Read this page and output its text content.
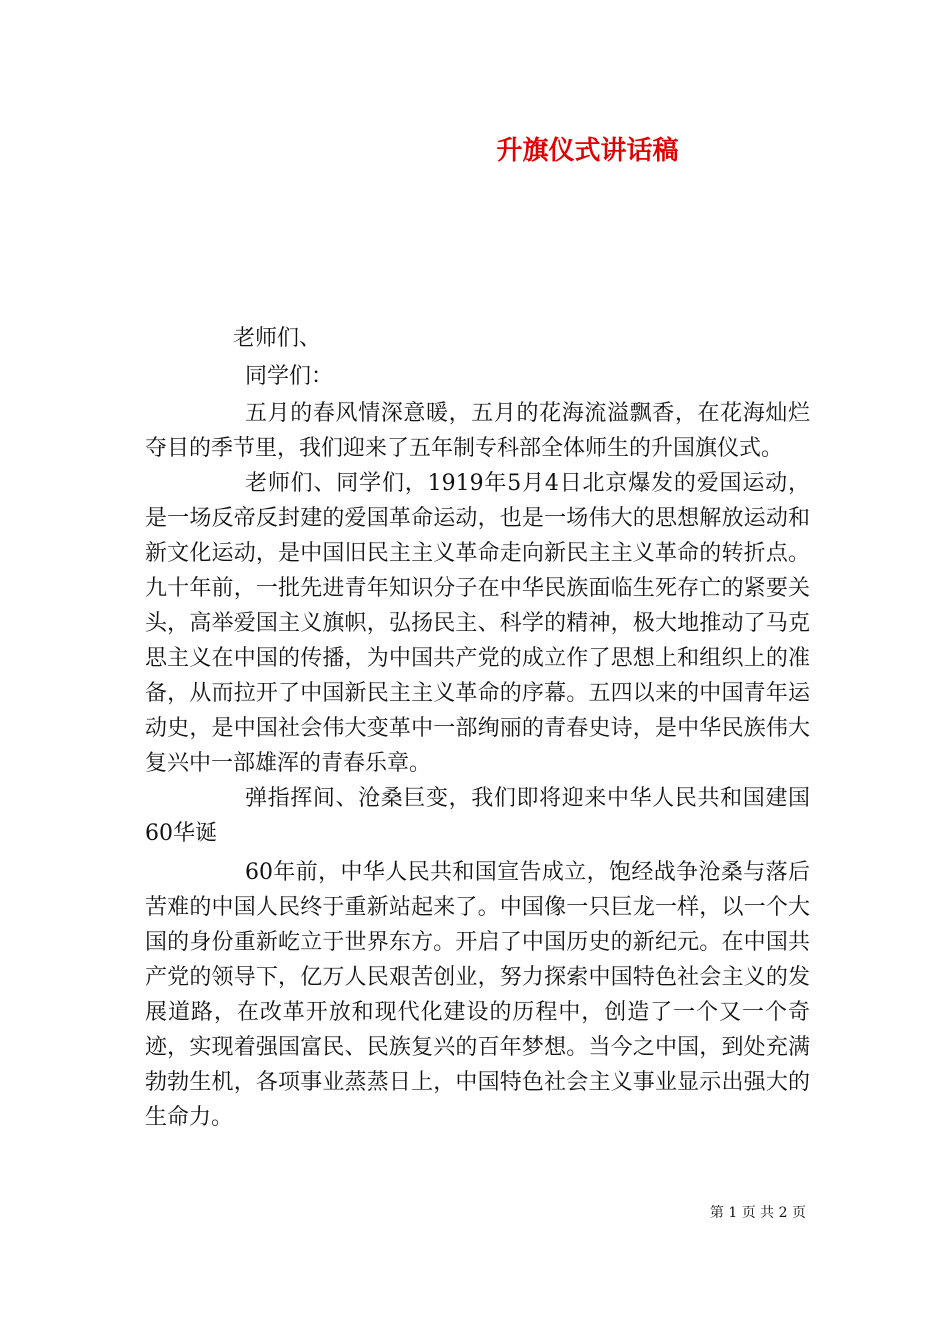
升旗仪式讲话稿

老师们、

同学们：

五月的春风情深意暖，五月的花海流溢飘香，在花海灿烂夺目的季节里，我们迎来了五年制专科部全体师生的升国旗仪式。

老师们、同学们，1919年5月4日北京爆发的爱国运动，是一场反帝反封建的爱国革命运动，也是一场伟大的思想解放运动和新文化运动，是中国旧民主主义革命走向新民主主义革命的转折点。九十年前，一批先进青年知识分子在中华民族面临生死存亡的紧要关头，高举爱国主义旗帜，弘扬民主、科学的精神，极大地推动了马克思主义在中国的传播，为中国共产党的成立作了思想上和组织上的准备，从而拉开了中国新民主主义革命的序幕。五四以来的中国青年运动史，是中国社会伟大变革中一部绚丽的青春史诗，是中华民族伟大复兴中一部雄浑的青春乐章。

弹指挥间、沧桑巨变，我们即将迎来中华人民共和国建国60华诞

60年前，中华人民共和国宣告成立，饱经战争沧桑与落后苦难的中国人民终于重新站起来了。中国像一只巨龙一样，以一个大国的身份重新屹立于世界东方。开启了中国历史的新纪元。在中国共产党的领导下，亿万人民艰苦创业，努力探索中国特色社会主义的发展道路，在改革开放和现代化建设的历程中，创造了一个又一个奇迹，实现着强国富民、民族复兴的百年梦想。当今之中国，到处充满勃勃生机，各项事业蒸蒸日上，中国特色社会主义事业显示出强大的生命力。

第 1 页 共 2 页
